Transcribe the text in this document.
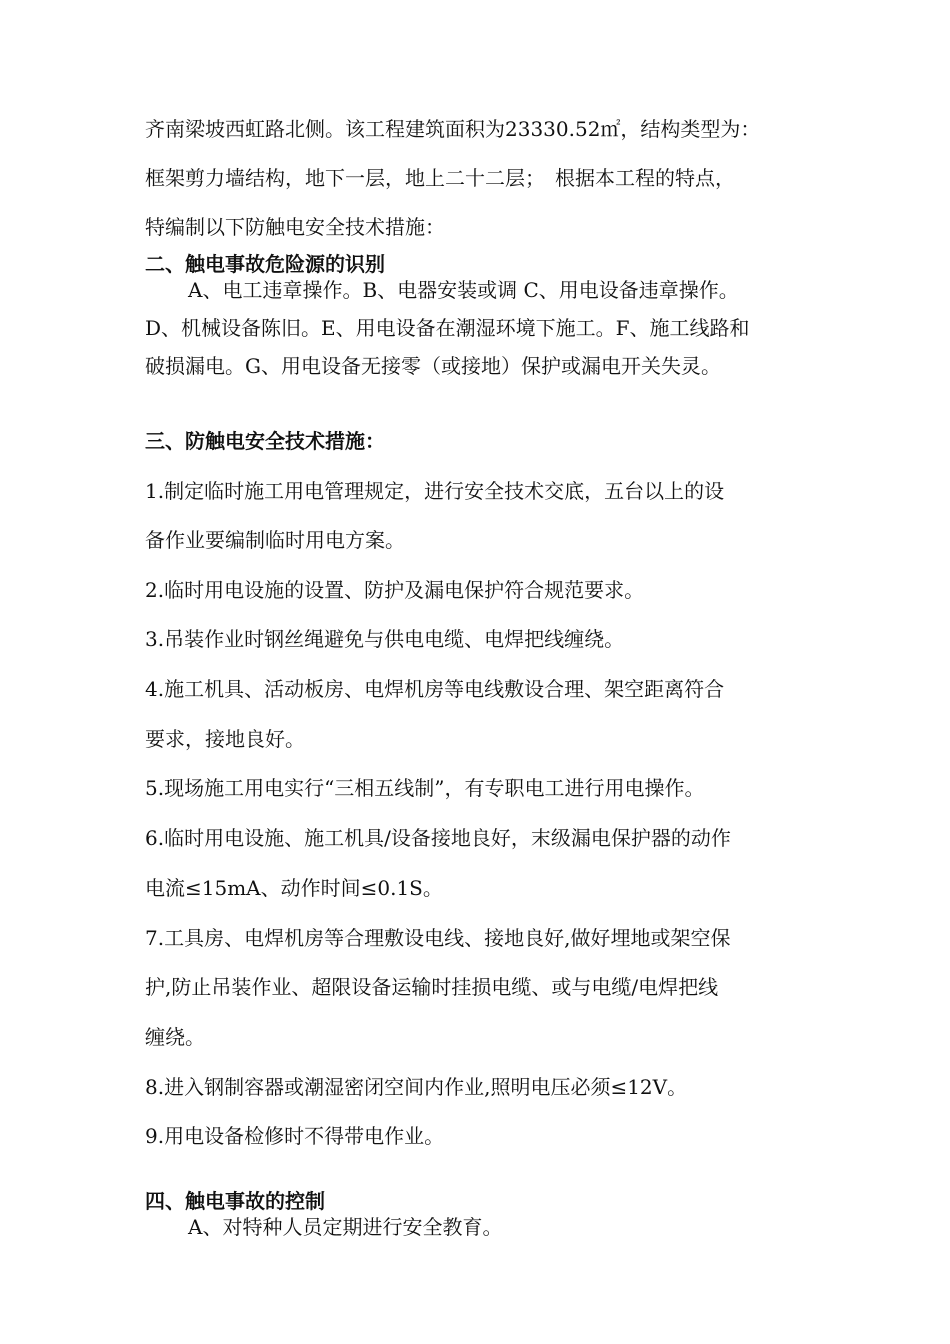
齐南梁坡西虹路北侧。该工程建筑面积为23330.52㎡，结构类型为：

框架剪力墙结构，地下一层，地上二十二层；　根据本工程的特点，

特编制以下防触电安全技术措施：

二、触电事故危险源的识别

A、电工违章操作。B、电器安装或调 C、用电设备违章操作。

D、机械设备陈旧。E、用电设备在潮湿环境下施工。F、施工线路和

破损漏电。G、用电设备无接零（或接地）保护或漏电开关失灵。

三、防触电安全技术措施：

1.制定临时施工用电管理规定，进行安全技术交底，五台以上的设

备作业要编制临时用电方案。

2.临时用电设施的设置、防护及漏电保护符合规范要求。

3.吊装作业时钢丝绳避免与供电电缆、电焊把线缠绕。

4.施工机具、活动板房、电焊机房等电线敷设合理、架空距离符合

要求，接地良好。

5.现场施工用电实行“三相五线制”，有专职电工进行用电操作。

6.临时用电设施、施工机具/设备接地良好，末级漏电保护器的动作

电流≤15mA、动作时间≤0.1S。

7.工具房、电焊机房等合理敷设电线、接地良好,做好埋地或架空保

护,防止吊装作业、超限设备运输时挂损电缆、或与电缆/电焊把线

缠绕。

8.进入钢制容器或潮湿密闭空间内作业,照明电压必须≤12V。

9.用电设备检修时不得带电作业。

四、触电事故的控制

A、对特种人员定期进行安全教育。
